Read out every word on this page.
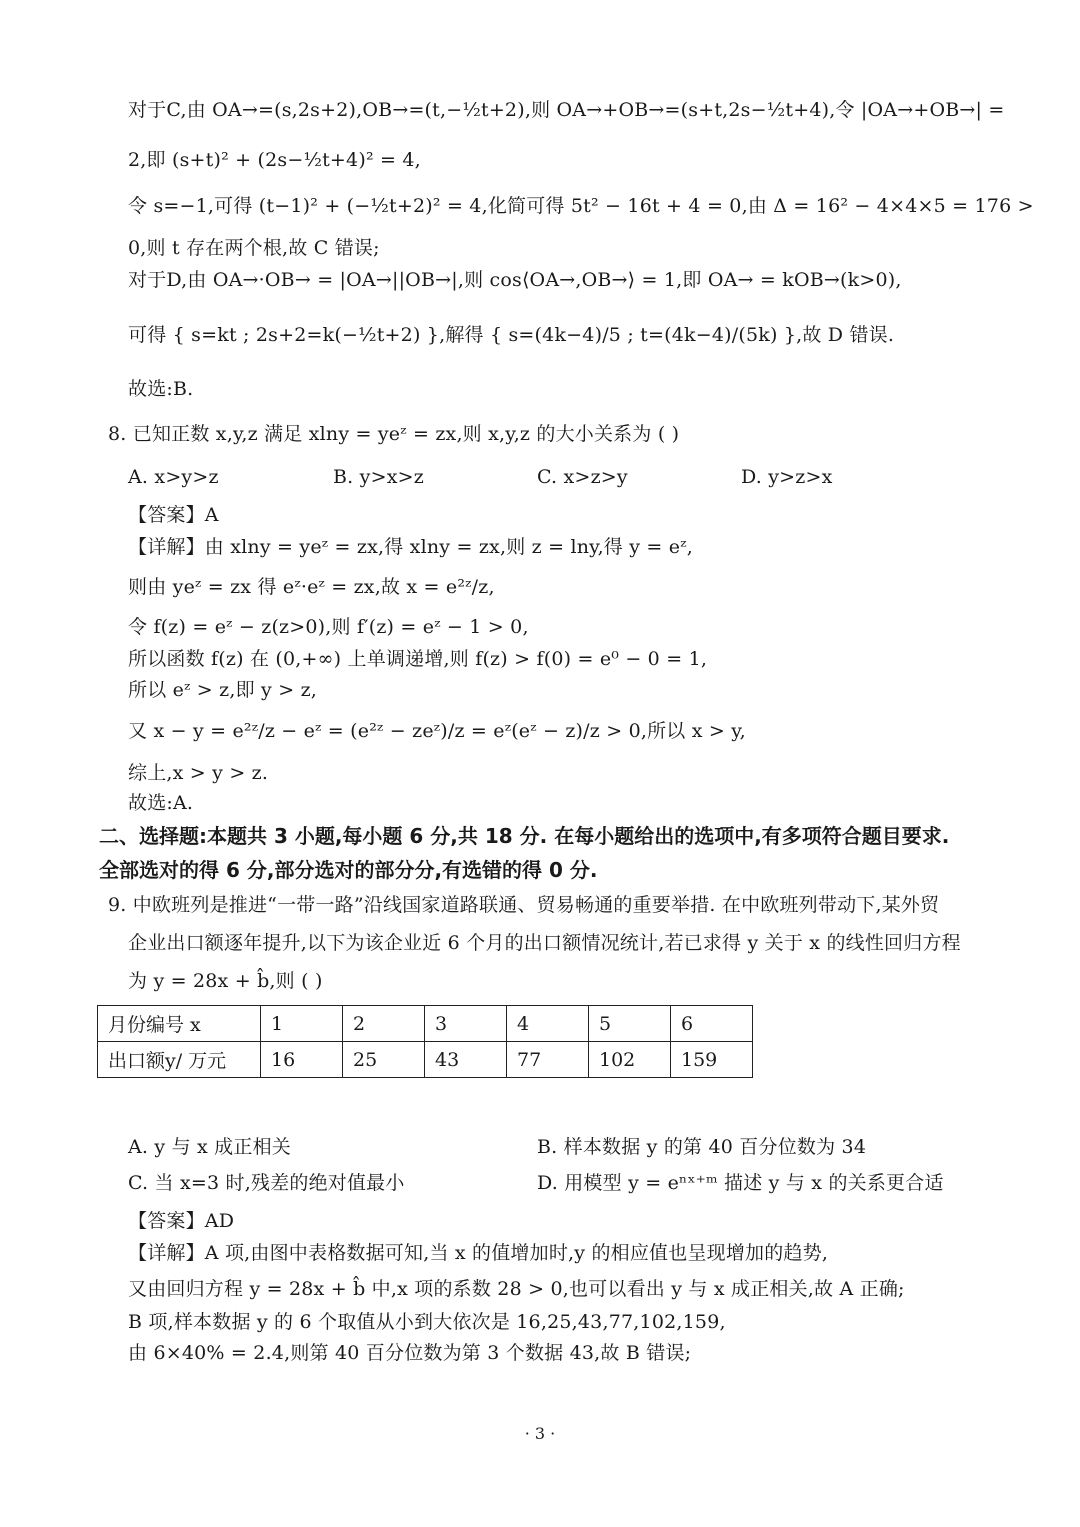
对于C,由 OA→=(s,2s+2),OB→=(t,−½t+2),则 OA→+OB→=(s+t,2s−½t+4),令 |OA→+OB→| =
2,即 (s+t)² + (2s−½t+4)² = 4,
令 s=−1,可得 (t−1)² + (−½t+2)² = 4,化简可得 5t² − 16t + 4 = 0,由 Δ = 16² − 4×4×5 = 176 >
0,则 t 存在两个根,故 C 错误;
对于D,由 OA→·OB→ = |OA→||OB→|,则 cos⟨OA→,OB→⟩ = 1,即 OA→ = kOB→(k>0),
可得 { s=kt ; 2s+2=k(−½t+2) },解得 { s=(4k−4)/5 ; t=(4k−4)/(5k) },故 D 错误.
故选:B.
8. 已知正数 x,y,z 满足 xlny = yeᶻ = zx,则 x,y,z 的大小关系为 ( )
A. x>y>z	B. y>x>z	C. x>z>y	D. y>z>x
【答案】A
【详解】由 xlny = yeᶻ = zx,得 xlny = zx,则 z = lny,得 y = eᶻ,
则由 yeᶻ = zx 得 eᶻ·eᶻ = zx,故 x = e²ᶻ/z,
令 f(z) = eᶻ − z(z>0),则 f′(z) = eᶻ − 1 > 0,
所以函数 f(z) 在 (0,+∞) 上单调递增,则 f(z) > f(0) = e⁰ − 0 = 1,
所以 eᶻ > z,即 y > z,
又 x − y = e²ᶻ/z − eᶻ = (e²ᶻ − zeᶻ)/z = eᶻ(eᶻ − z)/z > 0,所以 x > y,
综上,x > y > z.
故选:A.
二、选择题:本题共 3 小题,每小题 6 分,共 18 分. 在每小题给出的选项中,有多项符合题目要求.
全部选对的得 6 分,部分选对的部分分,有选错的得 0 分.
9. 中欧班列是推进“一带一路”沿线国家道路联通、贸易畅通的重要举措. 在中欧班列带动下,某外贸
企业出口额逐年提升,以下为该企业近 6 个月的出口额情况统计,若已求得 y 关于 x 的线性回归方程
为 y = 28x + b̂,则 ( )
月份编号 x	1	2	3	4	5	6
出口额y/ 万元	16	25	43	77	102	159
A. y 与 x 成正相关	B. 样本数据 y 的第 40 百分位数为 34
C. 当 x=3 时,残差的绝对值最小	D. 用模型 y = eⁿˣ⁺ᵐ 描述 y 与 x 的关系更合适
【答案】AD
【详解】A 项,由图中表格数据可知,当 x 的值增加时,y 的相应值也呈现增加的趋势,
又由回归方程 y = 28x + b̂ 中,x 项的系数 28 > 0,也可以看出 y 与 x 成正相关,故 A 正确;
B 项,样本数据 y 的 6 个取值从小到大依次是 16,25,43,77,102,159,
由 6×40% = 2.4,则第 40 百分位数为第 3 个数据 43,故 B 错误;
· 3 ·
